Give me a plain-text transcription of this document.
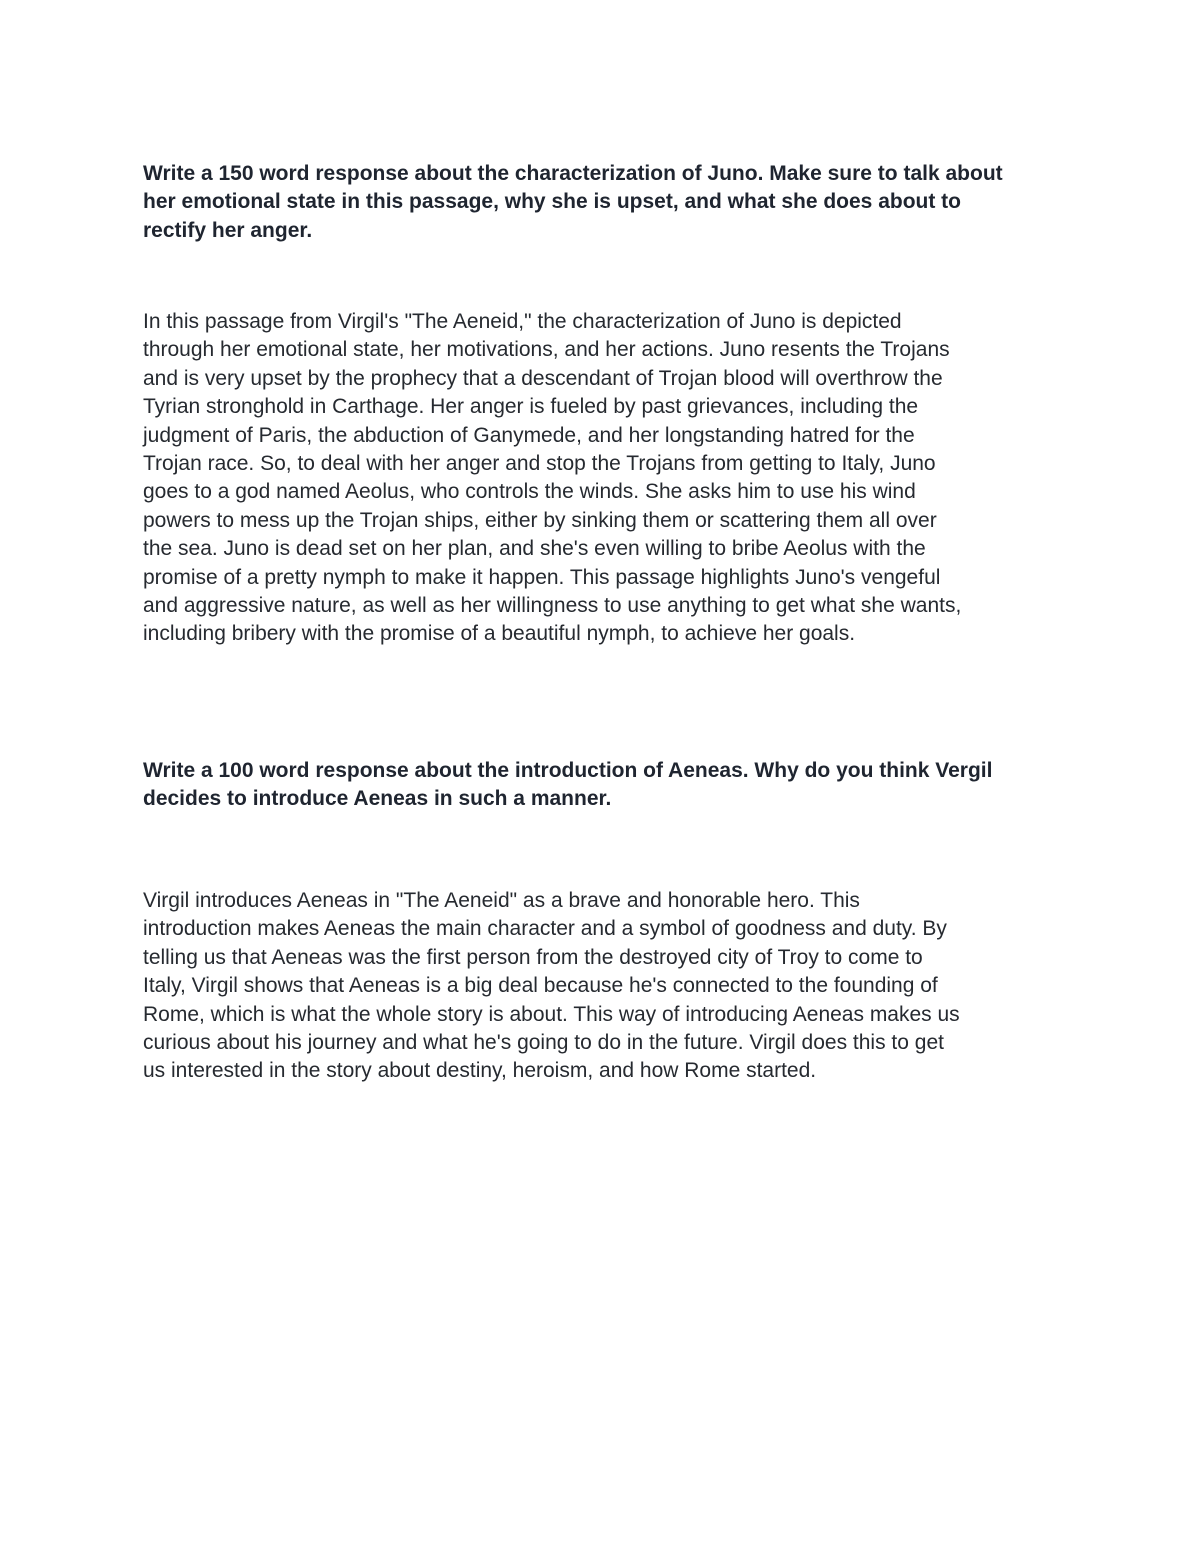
Write a 150 word response about the characterization of Juno. Make sure to talk about
her emotional state in this passage, why she is upset, and what she does about to
rectify her anger.

In this passage from Virgil's "The Aeneid," the characterization of Juno is depicted
through her emotional state, her motivations, and her actions. Juno resents the Trojans
and is very upset by the prophecy that a descendant of Trojan blood will overthrow the
Tyrian stronghold in Carthage. Her anger is fueled by past grievances, including the
judgment of Paris, the abduction of Ganymede, and her longstanding hatred for the
Trojan race. So, to deal with her anger and stop the Trojans from getting to Italy, Juno
goes to a god named Aeolus, who controls the winds. She asks him to use his wind
powers to mess up the Trojan ships, either by sinking them or scattering them all over
the sea. Juno is dead set on her plan, and she's even willing to bribe Aeolus with the
promise of a pretty nymph to make it happen. This passage highlights Juno's vengeful
and aggressive nature, as well as her willingness to use anything to get what she wants,
including bribery with the promise of a beautiful nymph, to achieve her goals.

Write a 100 word response about the introduction of Aeneas. Why do you think Vergil
decides to introduce Aeneas in such a manner.

Virgil introduces Aeneas in "The Aeneid" as a brave and honorable hero. This
introduction makes Aeneas the main character and a symbol of goodness and duty. By
telling us that Aeneas was the first person from the destroyed city of Troy to come to
Italy, Virgil shows that Aeneas is a big deal because he's connected to the founding of
Rome, which is what the whole story is about. This way of introducing Aeneas makes us
curious about his journey and what he's going to do in the future. Virgil does this to get
us interested in the story about destiny, heroism, and how Rome started.
